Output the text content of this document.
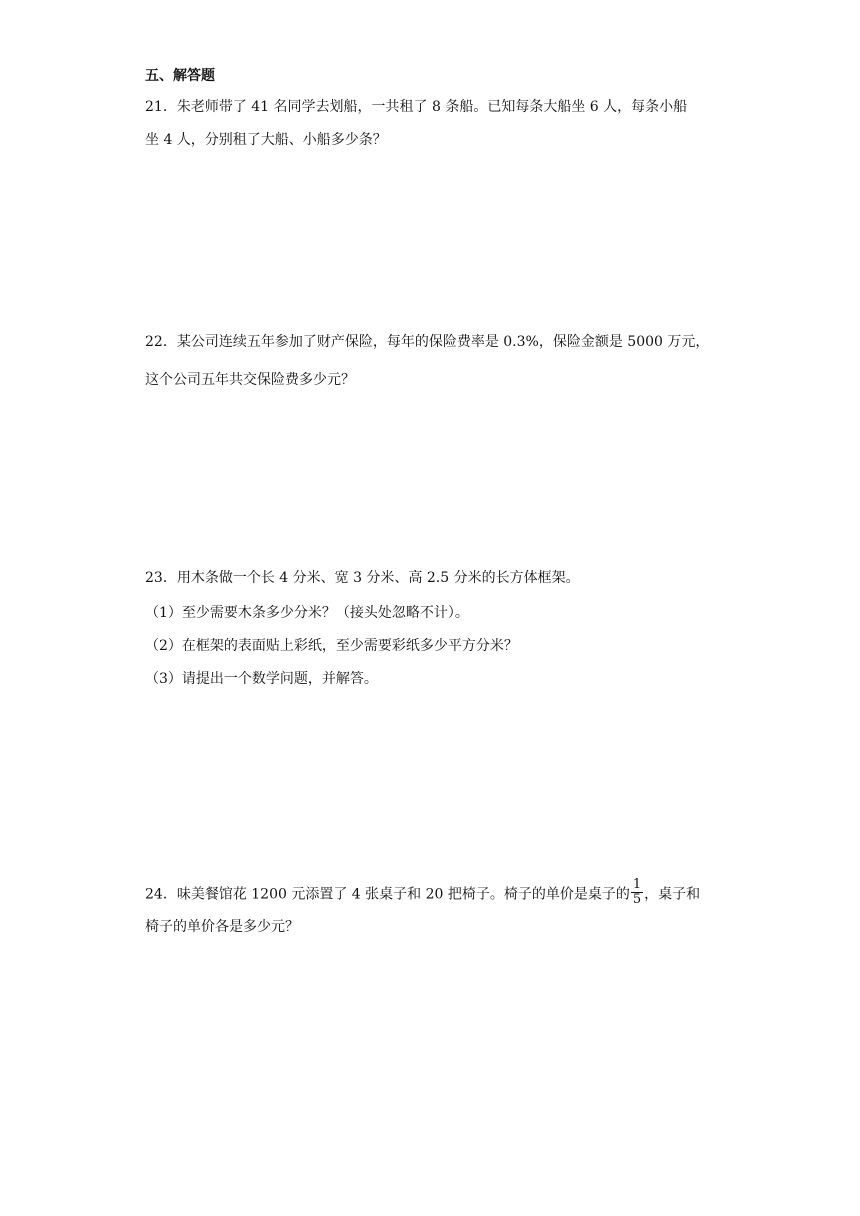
五、解答题
21．朱老师带了 41 名同学去划船，一共租了 8 条船。已知每条大船坐 6 人，每条小船
坐 4 人，分别租了大船、小船多少条？
22．某公司连续五年参加了财产保险，每年的保险费率是 0.3%，保险金额是 5000 万元，
这个公司五年共交保险费多少元？
23．用木条做一个长 4 分米、宽 3 分米、高 2.5 分米的长方体框架。
（1）至少需要木条多少分米？（接头处忽略不计）。
（2）在框架的表面贴上彩纸，至少需要彩纸多少平方分米？
（3）请提出一个数学问题，并解答。
24．味美餐馆花 1200 元添置了 4 张桌子和 20 把椅子。椅子的单价是桌子的 $\frac{1}{5}$ ，桌子和
椅子的单价各是多少元？
